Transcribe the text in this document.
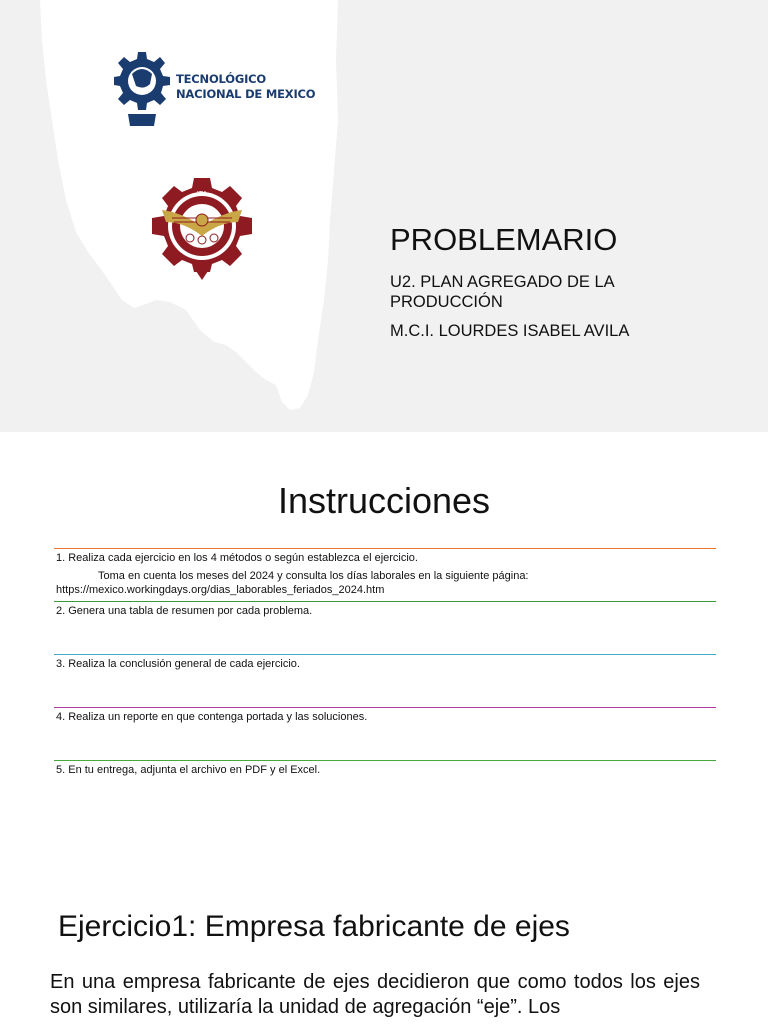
TECNOLÓGICO
NACIONAL DE MEXICO
ITA
PROBLEMARIO
U2. PLAN AGREGADO DE LA PRODUCCIÓN
M.C.I. LOURDES ISABEL AVILA
Instrucciones
1. Realiza cada ejercicio en los 4 métodos o según establezca el ejercicio.
Toma en cuenta los meses del 2024 y consulta los días laborales en la siguiente página:
https://mexico.workingdays.org/dias_laborables_feriados_2024.htm
2. Genera una tabla de resumen por cada problema.
3. Realiza la conclusión general de cada ejercicio.
4. Realiza un reporte en que contenga portada y las soluciones.
5. En tu entrega, adjunta el archivo en PDF y el Excel.
Ejercicio1: Empresa fabricante de ejes
En una empresa fabricante de ejes decidieron que como todos los ejes son similares, utilizaría la unidad de agregación “eje”. Los
